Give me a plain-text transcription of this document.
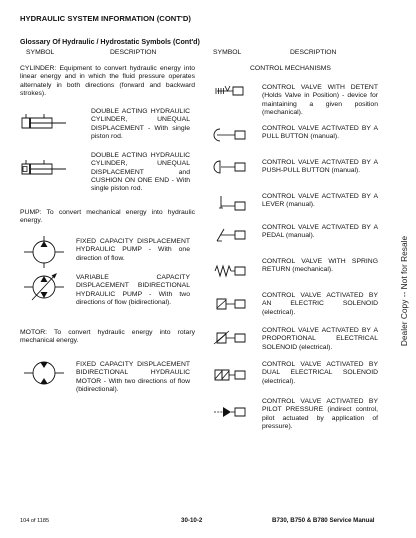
HYDRAULIC SYSTEM INFORMATION (CONT'D)
Glossary Of Hydraulic / Hydrostatic Symbols (Cont'd)
SYMBOL	DESCRIPTION	SYMBOL	DESCRIPTION
CYLINDER: Equipment to convert hydraulic energy into linear energy and in which the fluid pressure operates alternately in both directions (forward and backward strokes).
DOUBLE ACTING HYDRAULIC CYLINDER, UNEQUAL DISPLACEMENT - With single piston rod.
DOUBLE ACTING HYDRAULIC CYLINDER, UNEQUAL DISPLACEMENT and CUSHION ON ONE END - With single piston rod.
PUMP: To convert mechanical energy into hydraulic energy.
FIXED CAPACITY DISPLACEMENT HYDRAULIC PUMP - With one direction of flow.
VARIABLE CAPACITY DISPLACEMENT BIDIRECTIONAL HYDRAULIC PUMP - With two directions of flow (bidirectional).
MOTOR: To convert hydraulic energy into rotary mechanical energy.
FIXED CAPACITY DISPLACEMENT BIDIRECTIONAL HYDRAULIC MOTOR - With two directions of flow (bidirectional).
CONTROL MECHANISMS
CONTROL VALVE WITH DETENT (Holds Valve in Position) - device for maintaining a given position (mechanical).
CONTROL VALVE ACTIVATED BY A PULL BUTTON (manual).
CONTROL VALVE ACTIVATED BY A PUSH-PULL BUTTON (manual).
CONTROL VALVE ACTIVATED BY A LEVER (manual).
CONTROL VALVE ACTIVATED BY A PEDAL (manual).
CONTROL VALVE WITH SPRING RETURN (mechanical).
CONTROL VALVE ACTIVATED BY AN ELECTRIC SOLENOID (electrical).
CONTROL VALVE ACTIVATED BY A PROPORTIONAL ELECTRICAL SOLENOID (electrical).
CONTROL VALVE ACTIVATED BY DUAL ELECTRICAL SOLENOID (electrical).
CONTROL VALVE ACTIVATED BY PILOT PRESSURE (indirect control, pilot actuated by application of pressure).
Dealer Copy -- Not for Resale
104 of 1185	30-10-2	B730, B750 & B780 Service Manual
